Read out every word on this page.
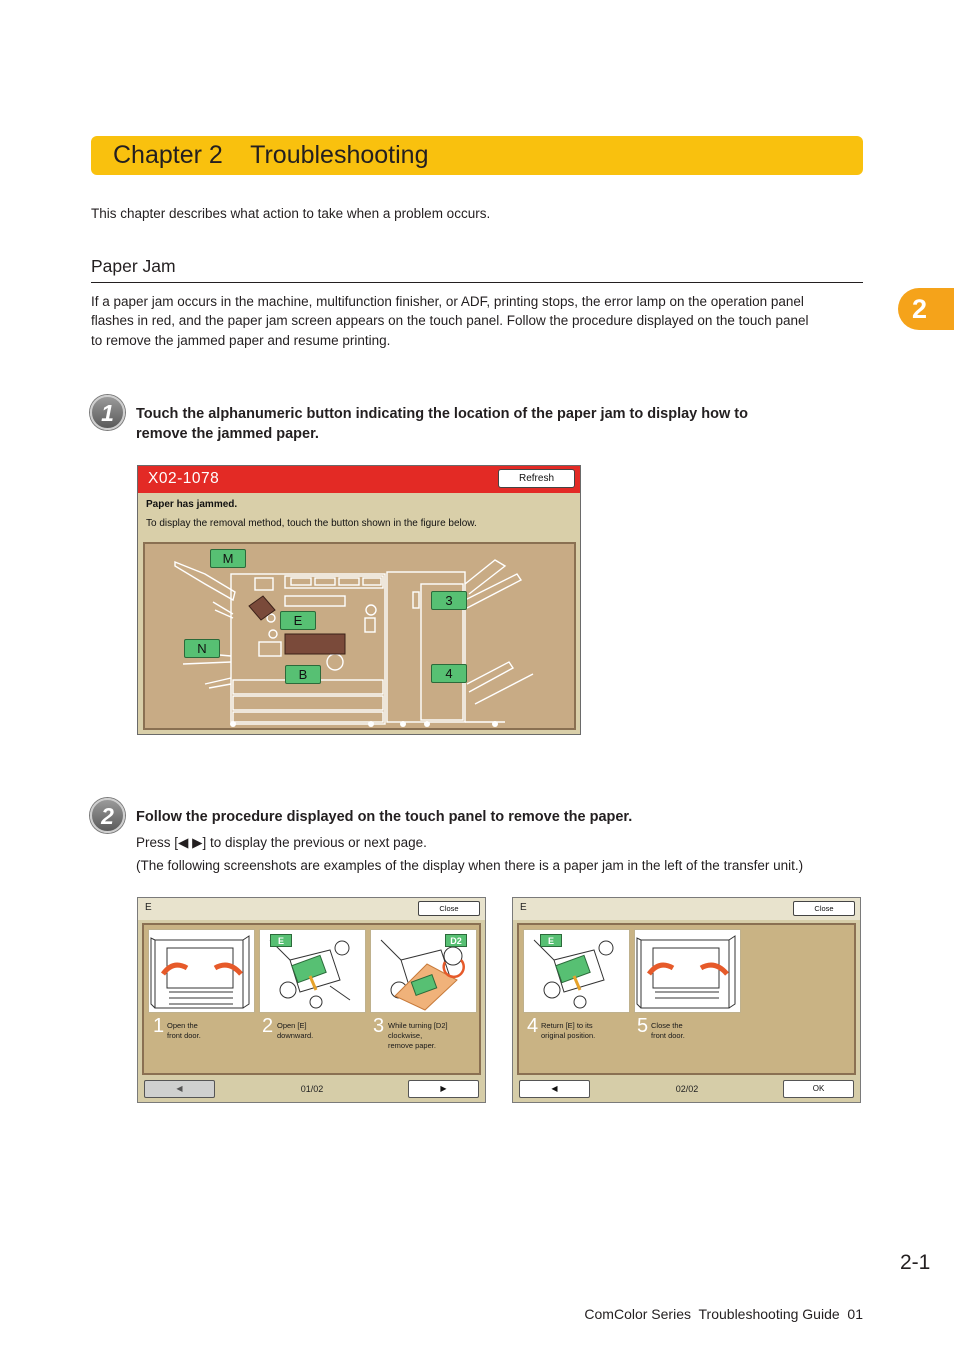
Chapter 2    Troubleshooting
This chapter describes what action to take when a problem occurs.
Paper Jam
If a paper jam occurs in the machine, multifunction finisher, or ADF, printing stops, the error lamp on the operation panel
flashes in red, and the paper jam screen appears on the touch panel. Follow the procedure displayed on the touch panel
to remove the jammed paper and resume printing.
2
1	Touch the alphanumeric button indicating the location of the paper jam to display how to
remove the jammed paper.
X02-1078	Refresh
Paper has jammed.
To display the removal method, touch the button shown in the figure below.
M
E
N
B
3
4
2	Follow the procedure displayed on the touch panel to remove the paper.
Press [◀ ▶] to display the previous or next page.
(The following screenshots are examples of the display when there is a paper jam in the left of the transfer unit.)
E	Close
E	D2
1 Open the
front door.	2 Open [E]
downward.	3 While turning [D2]
clockwise,
remove paper.
◀	01/02	▶
E	Close
E
4 Return [E] to its
original position. 5 Close the
front door.
◀	02/02	OK
2-1
ComColor Series  Troubleshooting Guide  01
